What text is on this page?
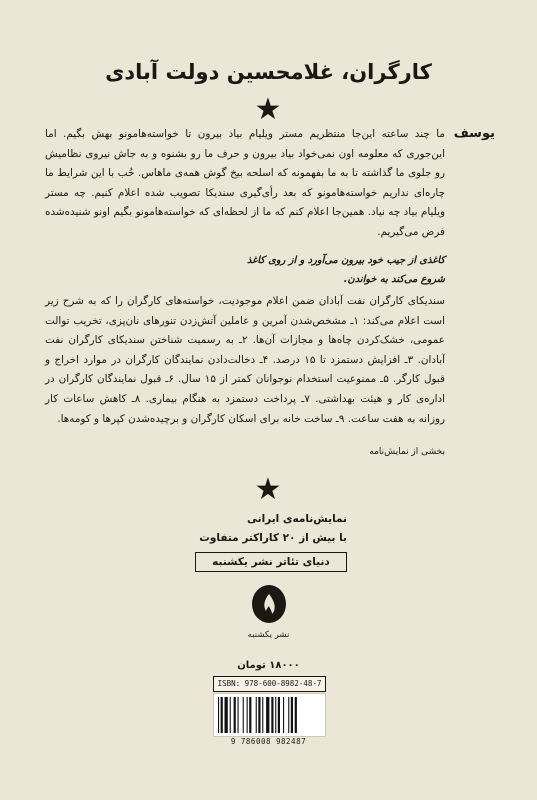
کارگران، غلامحسین دولت آبادی
★
یوسف
ما چند ساعته این‌جا منتظریم مستر ویلیام بیاد بیرون تا خواسته‌هامونو بهش بگیم. اما این‌جوری که معلومه اون نمی‌خواد بیاد بیرون و حرف ما رو بشنوه و به جاش نیروی نظامیش رو جلوی ما گذاشته تا به ما بفهمونه که اسلحه بیخ گوش همه‌ی ماهاس. خُب با این شرایط ما چاره‌ای نداریم خواسته‌هامونو که بعد رأی‌گیری سندیکا تصویب شده اعلام کنیم. چه مستر ویلیام بیاد چه نیاد. همین‌جا اعلام کنم که ما از لحظه‌ای که خواسته‌هامونو بگیم اونو شنیده‌شده فرض می‌گیریم.
کاغذی از جیب خود بیرون می‌آورد و از روی کاغذ
شروع می‌کند به خواندن.
سندیکای کارگران نفت آبادان ضمن اعلام موجودیت، خواسته‌های کارگران را که به شرح زیر است اعلام می‌کند: ۱ـ مشخص‌شدن آمرین و عاملین آتش‌زدن تنورهای نان‌پزی، تخریب توالت عمومی، خشک‌کردن چاه‌ها و مجازات آن‌ها. ۲ـ به رسمیت شناختن سندیکای کارگران نفت آبادان. ۳ـ افزایش دستمزد تا ۱۵ درصد. ۴ـ دخالت‌دادن نمایندگان کارگران در موارد اخراج و قبول کارگر. ۵ـ ممنوعیت استخدام نوجوانان کمتر از ۱۵ سال. ۶ـ قبول نمایندگان کارگران در اداره‌ی کار و هیئت بهداشتی. ۷ـ پرداخت دستمزد به هنگام بیماری. ۸ـ کاهش ساعات کار روزانه به هفت ساعت. ۹ـ ساخت خانه برای اسکان کارگران و برچیده‌شدن کپرها و کومه‌ها.
بخشی از نمایش‌نامه
★
نمایش‌نامه‌ی ایرانی
با بیش از ۲۰ کاراکتر متفاوت
دنیای تئاتر نشر یکشنبه
نشر یکشنبه
۱۸۰۰۰ تومان
ISBN: 978-600-8982-48-7
9 786008 982487
